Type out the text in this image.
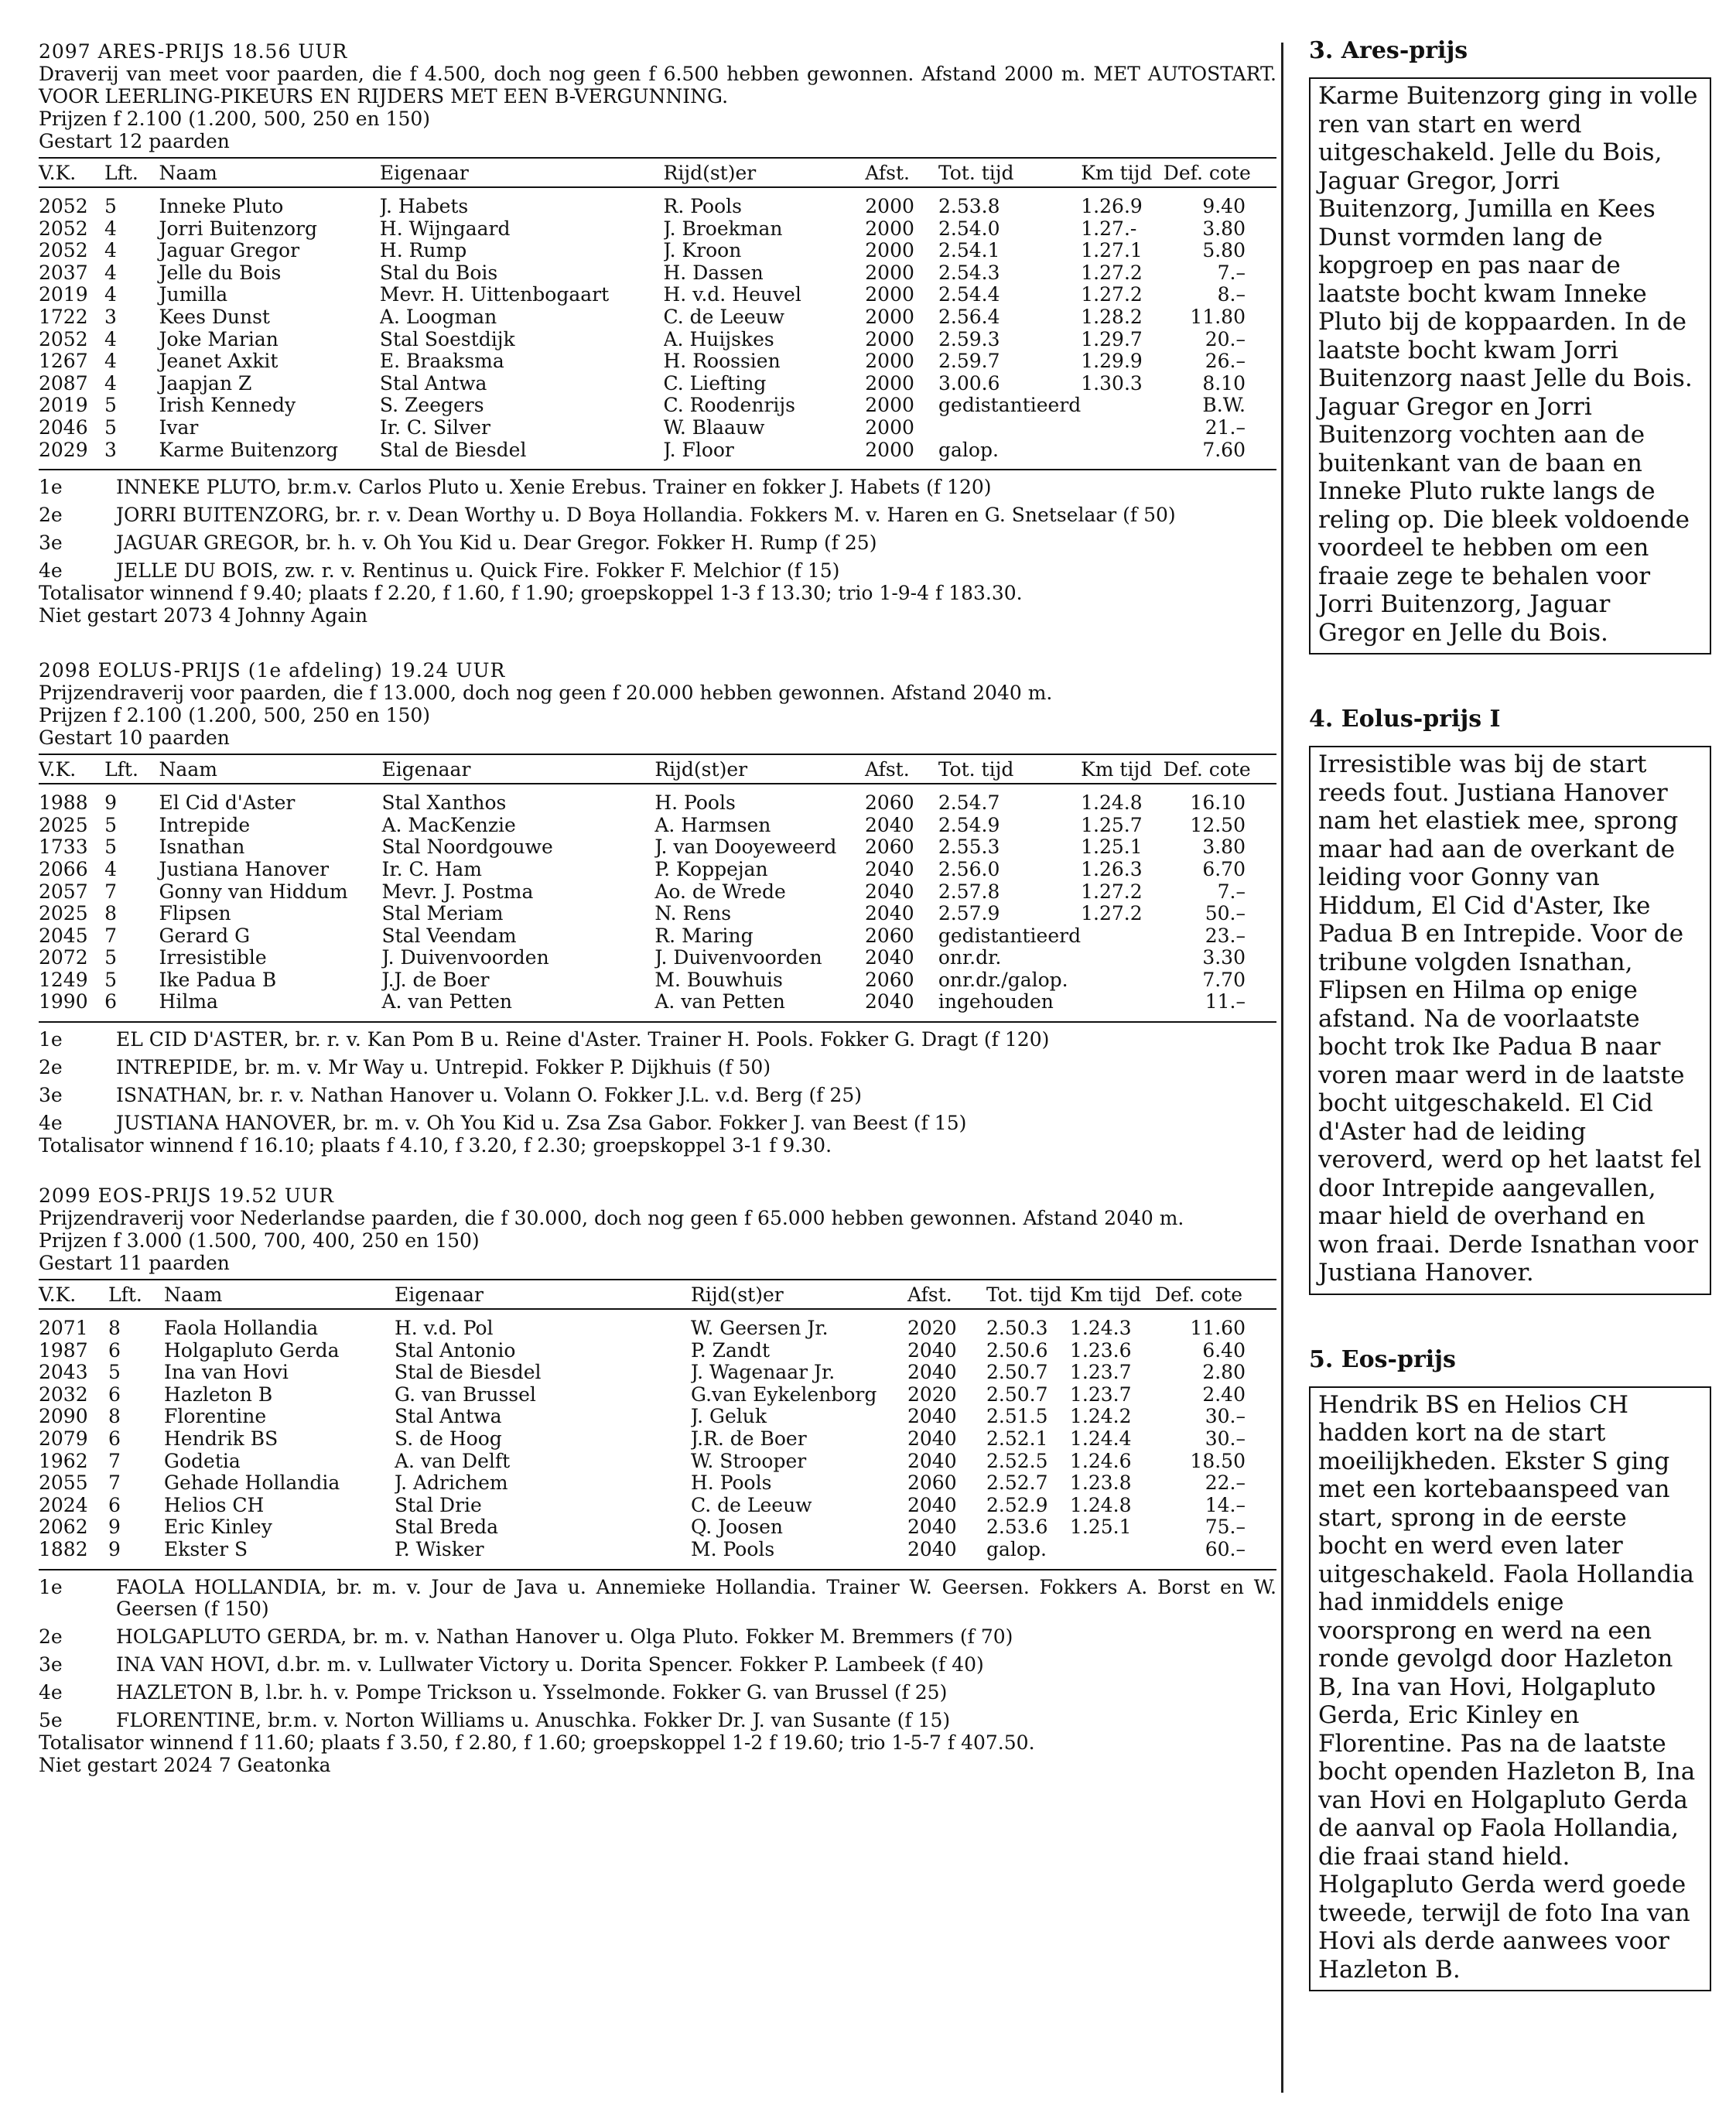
2097 ARES-PRIJS 18.56 UUR

Draverij van meet voor paarden, die f 4.500, doch nog geen f 6.500 hebben gewonnen. Afstand 2000 m. MET AUTOSTART. VOOR LEERLING-PIKEURS EN RIJDERS MET EEN B-VERGUNNING.

Prijzen f 2.100 (1.200, 500, 250 en 150)

Gestart 12 paarden

V.K.	Lft.	Naam	Eigenaar	Rijd(st)er	Afst.	Tot. tijd	Km tijd	Def. cote
2052	5	Inneke Pluto	J. Habets	R. Pools	2000	2.53.8	1.26.9	9.40
2052	4	Jorri Buitenzorg	H. Wijngaard	J. Broekman	2000	2.54.0	1.27.-	3.80
2052	4	Jaguar Gregor	H. Rump	J. Kroon	2000	2.54.1	1.27.1	5.80
2037	4	Jelle du Bois	Stal du Bois	H. Dassen	2000	2.54.3	1.27.2	7.–
2019	4	Jumilla	Mevr. H. Uittenbogaart	H. v.d. Heuvel	2000	2.54.4	1.27.2	8.–
1722	3	Kees Dunst	A. Loogman	C. de Leeuw	2000	2.56.4	1.28.2	11.80
2052	4	Joke Marian	Stal Soestdijk	A. Huijskes	2000	2.59.3	1.29.7	20.–
1267	4	Jeanet Axkit	E. Braaksma	H. Roossien	2000	2.59.7	1.29.9	26.–
2087	4	Jaapjan Z	Stal Antwa	C. Liefting	2000	3.00.6	1.30.3	8.10
2019	5	Irish Kennedy	S. Zeegers	C. Roodenrijs	2000	gedistantieerd		B.W.
2046	5	Ivar	Ir. C. Silver	W. Blaauw	2000			21.–
2029	3	Karme Buitenzorg	Stal de Biesdel	J. Floor	2000	galop.		7.60
1e	INNEKE PLUTO, br.m.v. Carlos Pluto u. Xenie Erebus. Trainer en fokker J. Habets (f 120)
2e	JORRI BUITENZORG, br. r. v. Dean Worthy u. D Boya Hollandia. Fokkers M. v. Haren en G. Snetselaar (f 50)
3e	JAGUAR GREGOR, br. h. v. Oh You Kid u. Dear Gregor. Fokker H. Rump (f 25)
4e	JELLE DU BOIS, zw. r. v. Rentinus u. Quick Fire. Fokker F. Melchior (f 15)

Totalisator winnend f 9.40; plaats f 2.20, f 1.60, f 1.90; groepskoppel 1-3 f 13.30; trio 1-9-4 f 183.30.

Niet gestart 2073 4 Johnny Again

2098 EOLUS-PRIJS (1e afdeling) 19.24 UUR

Prijzendraverij voor paarden, die f 13.000, doch nog geen f 20.000 hebben gewonnen. Afstand 2040 m.

Prijzen f 2.100 (1.200, 500, 250 en 150)

Gestart 10 paarden

V.K.	Lft.	Naam	Eigenaar	Rijd(st)er	Afst.	Tot. tijd	Km tijd	Def. cote
1988	9	El Cid d'Aster	Stal Xanthos	H. Pools	2060	2.54.7	1.24.8	16.10
2025	5	Intrepide	A. MacKenzie	A. Harmsen	2040	2.54.9	1.25.7	12.50
1733	5	Isnathan	Stal Noordgouwe	J. van Dooyeweerd	2060	2.55.3	1.25.1	3.80
2066	4	Justiana Hanover	Ir. C. Ham	P. Koppejan	2040	2.56.0	1.26.3	6.70
2057	7	Gonny van Hiddum	Mevr. J. Postma	Ao. de Wrede	2040	2.57.8	1.27.2	7.–
2025	8	Flipsen	Stal Meriam	N. Rens	2040	2.57.9	1.27.2	50.–
2045	7	Gerard G	Stal Veendam	R. Maring	2060	gedistantieerd		23.–
2072	5	Irresistible	J. Duivenvoorden	J. Duivenvoorden	2040	onr.dr.		3.30
1249	5	Ike Padua B	J.J. de Boer	M. Bouwhuis	2060	onr.dr./galop.		7.70
1990	6	Hilma	A. van Petten	A. van Petten	2040	ingehouden		11.–
1e	EL CID D'ASTER, br. r. v. Kan Pom B u. Reine d'Aster. Trainer H. Pools. Fokker G. Dragt (f 120)
2e	INTREPIDE, br. m. v. Mr Way u. Untrepid. Fokker P. Dijkhuis (f 50)
3e	ISNATHAN, br. r. v. Nathan Hanover u. Volann O. Fokker J.L. v.d. Berg (f 25)
4e	JUSTIANA HANOVER, br. m. v. Oh You Kid u. Zsa Zsa Gabor. Fokker J. van Beest (f 15)

Totalisator winnend f 16.10; plaats f 4.10, f 3.20, f 2.30; groepskoppel 3-1 f 9.30.

2099 EOS-PRIJS 19.52 UUR

Prijzendraverij voor Nederlandse paarden, die f 30.000, doch nog geen f 65.000 hebben gewonnen. Afstand 2040 m.

Prijzen f 3.000 (1.500, 700, 400, 250 en 150)

Gestart 11 paarden

V.K.	Lft.	Naam	Eigenaar	Rijd(st)er	Afst.	Tot. tijd	Km tijd	Def. cote
2071	8	Faola Hollandia	H. v.d. Pol	W. Geersen Jr.	2020	2.50.3	1.24.3	11.60
1987	6	Holgapluto Gerda	Stal Antonio	P. Zandt	2040	2.50.6	1.23.6	6.40
2043	5	Ina van Hovi	Stal de Biesdel	J. Wagenaar Jr.	2040	2.50.7	1.23.7	2.80
2032	6	Hazleton B	G. van Brussel	G.van Eykelenborg	2020	2.50.7	1.23.7	2.40
2090	8	Florentine	Stal Antwa	J. Geluk	2040	2.51.5	1.24.2	30.–
2079	6	Hendrik BS	S. de Hoog	J.R. de Boer	2040	2.52.1	1.24.4	30.–
1962	7	Godetia	A. van Delft	W. Strooper	2040	2.52.5	1.24.6	18.50
2055	7	Gehade Hollandia	J. Adrichem	H. Pools	2060	2.52.7	1.23.8	22.–
2024	6	Helios CH	Stal Drie	C. de Leeuw	2040	2.52.9	1.24.8	14.–
2062	9	Eric Kinley	Stal Breda	Q. Joosen	2040	2.53.6	1.25.1	75.–
1882	9	Ekster S	P. Wisker	M. Pools	2040	galop.		60.–
1e	FAOLA HOLLANDIA, br. m. v. Jour de Java u. Annemieke Hollandia. Trainer W. Geersen. Fokkers A. Borst en W. Geersen (f 150)
2e	HOLGAPLUTO GERDA, br. m. v. Nathan Hanover u. Olga Pluto. Fokker M. Bremmers (f 70)
3e	INA VAN HOVI, d.br. m. v. Lullwater Victory u. Dorita Spencer. Fokker P. Lambeek (f 40)
4e	HAZLETON B, l.br. h. v. Pompe Trickson u. Ysselmonde. Fokker G. van Brussel (f 25)
5e	FLORENTINE, br.m. v. Norton Williams u. Anuschka. Fokker Dr. J. van Susante (f 15)

Totalisator winnend f 11.60; plaats f 3.50, f 2.80, f 1.60; groepskoppel 1-2 f 19.60; trio 1-5-7 f 407.50.

Niet gestart 2024 7 Geatonka

3. Ares-prijs
Karme Buitenzorg ging in volle ren van start en werd uitgeschakeld. Jelle du Bois, Jaguar Gregor, Jorri Buitenzorg, Jumilla en Kees Dunst vormden lang de kopgroep en pas naar de laatste bocht kwam Inneke Pluto bij de koppaarden. In de laatste bocht kwam Jorri Buitenzorg naast Jelle du Bois. Jaguar Gregor en Jorri Buitenzorg vochten aan de buitenkant van de baan en Inneke Pluto rukte langs de reling op. Die bleek voldoende voordeel te hebben om een fraaie zege te behalen voor Jorri Buitenzorg, Jaguar Gregor en Jelle du Bois.
4. Eolus-prijs I
Irresistible was bij de start reeds fout. Justiana Hanover nam het elastiek mee, sprong maar had aan de overkant de leiding voor Gonny van Hiddum, El Cid d'Aster, Ike Padua B en Intrepide. Voor de tribune volgden Isnathan, Flipsen en Hilma op enige afstand. Na de voorlaatste bocht trok Ike Padua B naar voren maar werd in de laatste bocht uitgeschakeld. El Cid d'Aster had de leiding veroverd, werd op het laatst fel door Intrepide aangevallen, maar hield de overhand en won fraai. Derde Isnathan voor Justiana Hanover.
5. Eos-prijs
Hendrik BS en Helios CH hadden kort na de start moeilijkheden. Ekster S ging met een kortebaanspeed van start, sprong in de eerste bocht en werd even later uitgeschakeld. Faola Hollandia had inmiddels enige voorsprong en werd na een ronde gevolgd door Hazleton B, Ina van Hovi, Holgapluto Gerda, Eric Kinley en Florentine. Pas na de laatste bocht openden Hazleton B, Ina van Hovi en Holgapluto Gerda de aanval op Faola Hollandia, die fraai stand hield. Holgapluto Gerda werd goede tweede, terwijl de foto Ina van Hovi als derde aanwees voor Hazleton B.
